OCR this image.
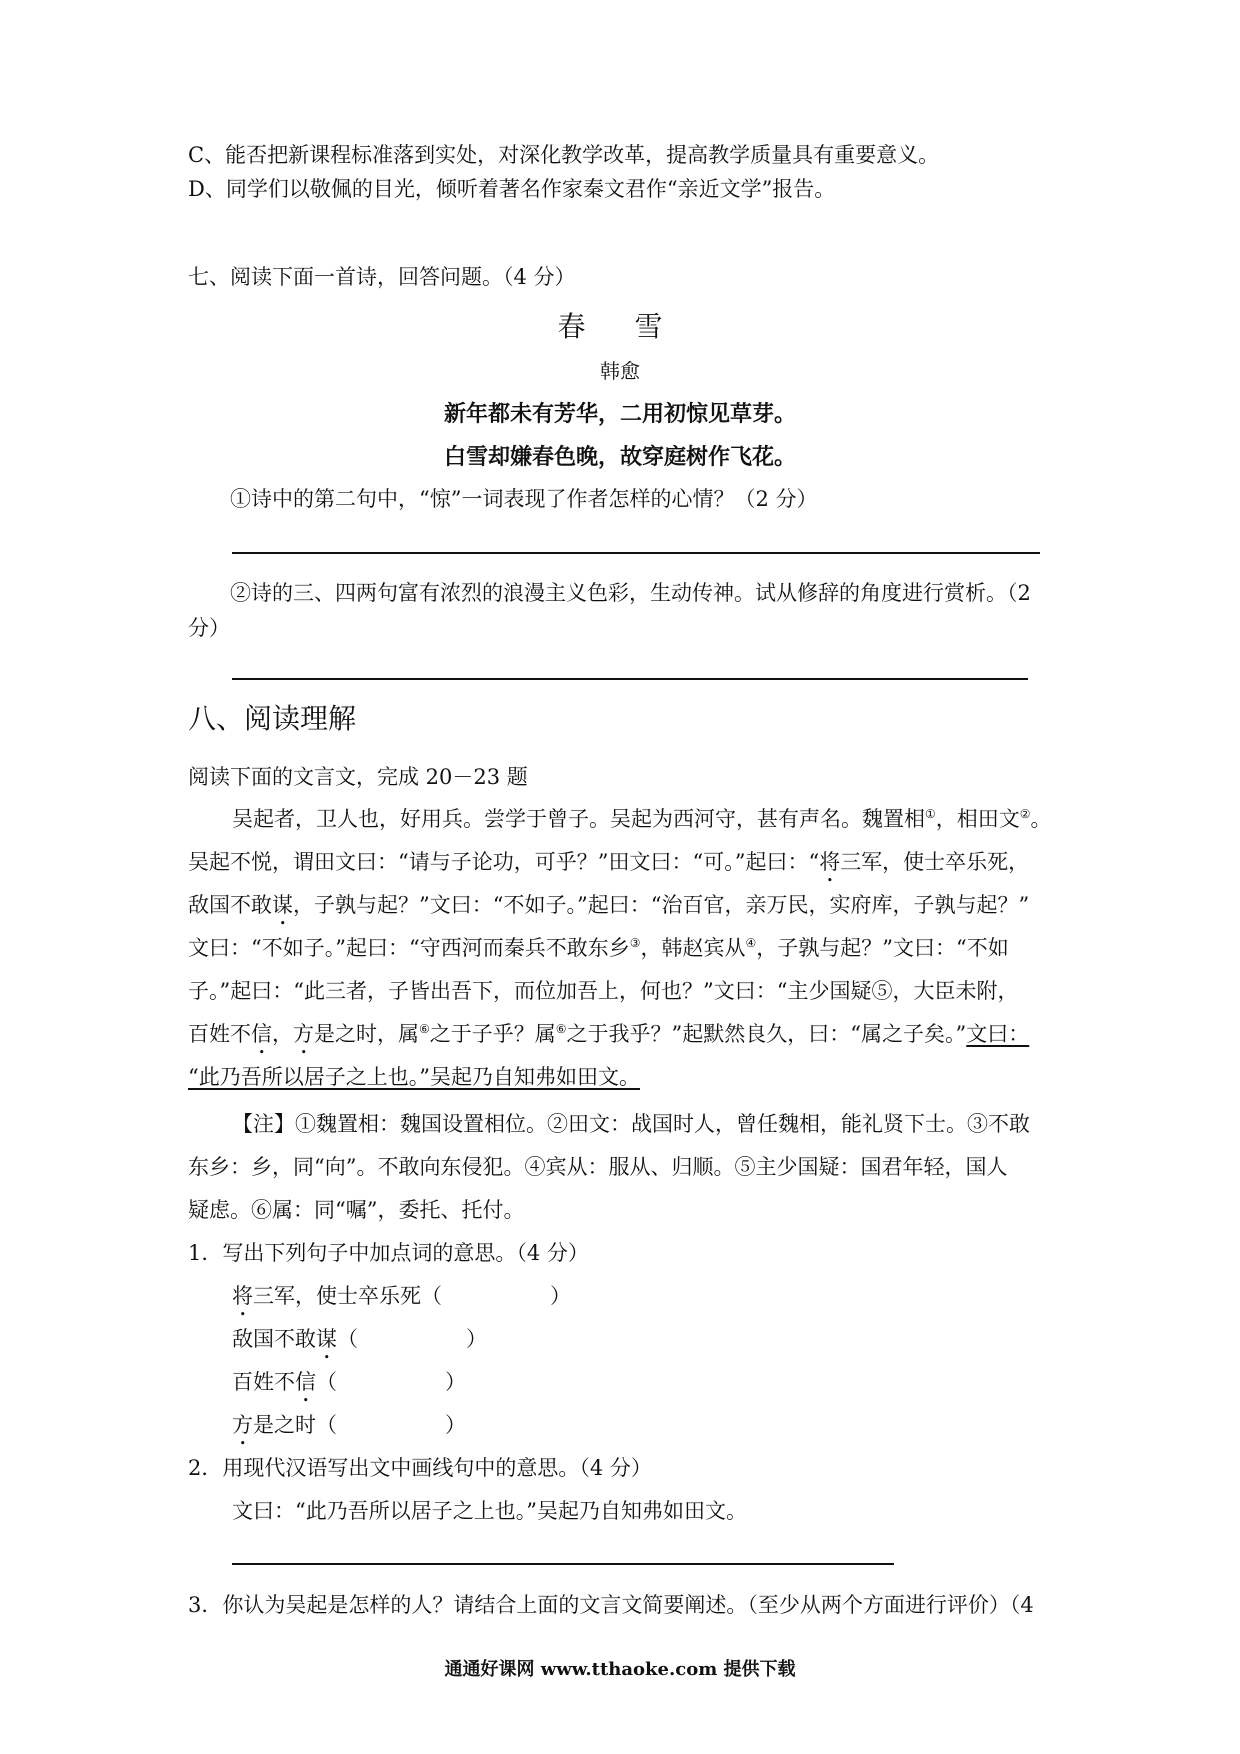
C、能否把新课程标准落到实处，对深化教学改革，提高教学质量具有重要意义。
D、同学们以敬佩的目光，倾听着著名作家秦文君作“亲近文学”报告。
七、阅读下面一首诗，回答问题。（4 分）
春 雪
韩愈
新年都未有芳华，二用初惊见草芽。
白雪却嫌春色晚，故穿庭树作飞花。
①诗中的第二句中，“惊”一词表现了作者怎样的心情？（2 分）
②诗的三、四两句富有浓烈的浪漫主义色彩，生动传神。试从修辞的角度进行赏析。（2
分）
八、阅读理解
阅读下面的文言文，完成 20－23 题
吴起者，卫人也，好用兵。尝学于曾子。吴起为西河守，甚有声名。魏置相①，相田文②。
吴起不悦，谓田文曰：“请与子论功，可乎？”田文曰：“可。”起曰：“将三军，使士卒乐死，
敌国不敢谋，子孰与起？”文曰：“不如子。”起曰：“治百官，亲万民，实府库，子孰与起？”
文曰：“不如子。”起曰：“守西河而秦兵不敢东乡③，韩赵宾从④，子孰与起？”文曰：“不如
子。”起曰：“此三者，子皆出吾下，而位加吾上，何也？”文曰：“主少国疑⑤，大臣未附，
百姓不信，方是之时，属⑥之于子乎？属⑥之于我乎？”起默然良久，曰：“属之子矣。”文曰：
“此乃吾所以居子之上也。”吴起乃自知弗如田文。
【注】①魏置相：魏国设置相位。②田文：战国时人，曾任魏相，能礼贤下士。③不敢
东乡：乡，同“向”。不敢向东侵犯。④宾从：服从、归顺。⑤主少国疑：国君年轻，国人
疑虑。⑥属：同“嘱”，委托、托付。
1．写出下列句子中加点词的意思。（4 分）
将三军，使士卒乐死（	）
敌国不敢谋（	）
百姓不信（	）
方是之时（	）
2．用现代汉语写出文中画线句中的意思。（4 分）
文曰：“此乃吾所以居子之上也。”吴起乃自知弗如田文。
3．你认为吴起是怎样的人？请结合上面的文言文简要阐述。（至少从两个方面进行评价）（4
通通好课网 www.tthaoke.com 提供下载
